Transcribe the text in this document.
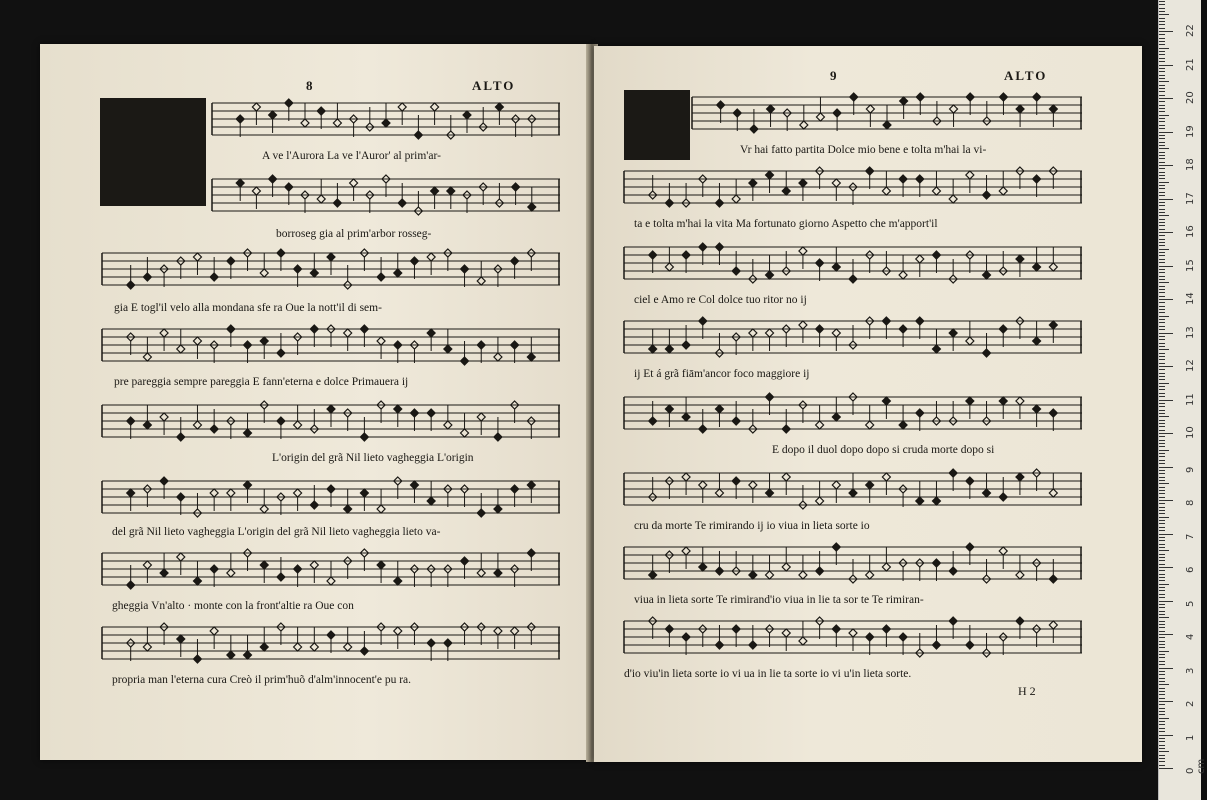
8	ALTO
A ve l'Aurora La ve l'Auror' al prim'ar-
borroseg gia al prim'arbor rosseg-
gia E togl'il velo alla mondana sfe ra Oue la nott'il di sem-
pre pareggia sempre pareggia E fann'eterna e dolce Primauera ij
L'origin del grã Nil lieto vagheggia L'origin
del grã Nil lieto vagheggia L'origin del grã Nil lieto vagheggia lieto va-
gheggia Vn'alto · monte con la front'altie ra Oue con
propria man l'eterna cura Creò il prim'huõ d'alm'innocent'e pu ra.
9	ALTO
Vr hai fatto partita Dolce mio bene e tolta m'hai la vi-
ta e tolta m'hai la vita Ma fortunato giorno Aspetto che m'apport'il
ciel e Amo re Col dolce tuo ritor no ij
ij Et á grã fiām'ancor foco maggiore ij
E dopo il duol dopo dopo si cruda morte dopo si
cru da morte Te rimirando ij io viua in lieta sorte io
viua in lieta sorte Te rimirand'io viua in lie ta sor te Te rimiran-
d'io viu'in lieta sorte io vi ua in lie ta sorte io vi u'in lieta sorte.
H 2
0 cm
1
2
3
4
5
6
7
8
9
10
11
12
13
14
15
16
17
18
19
20
21
22
